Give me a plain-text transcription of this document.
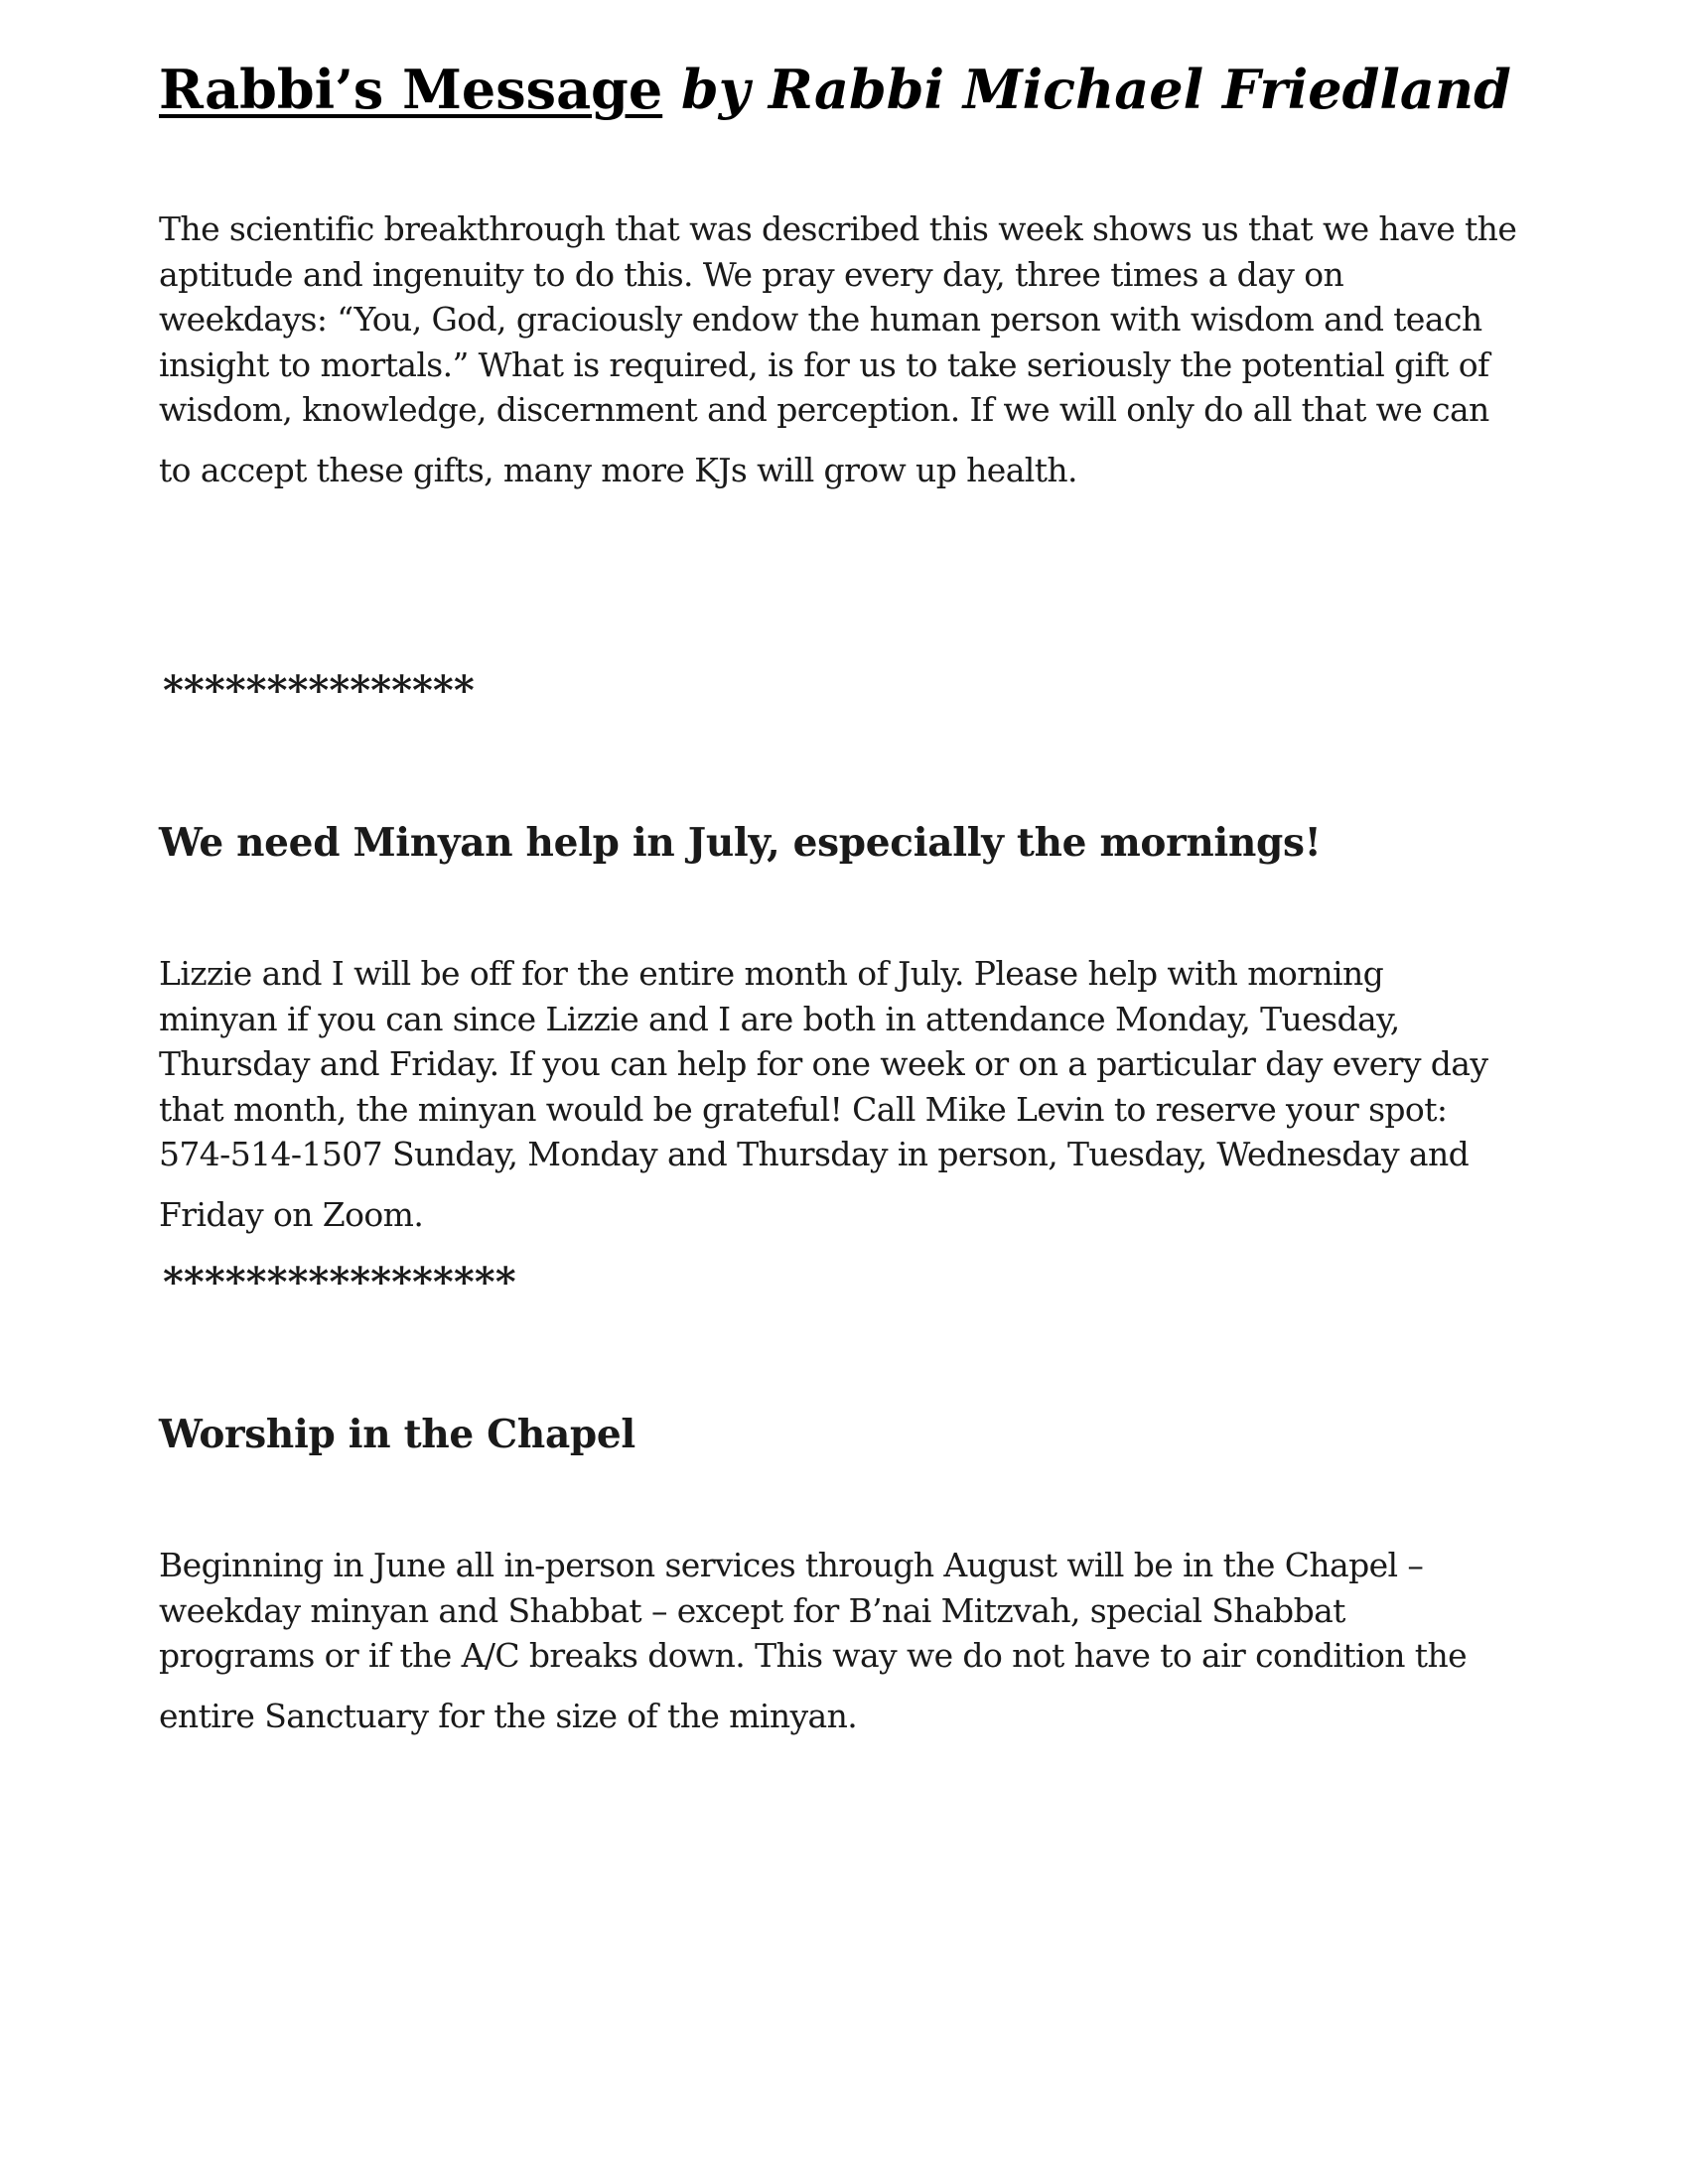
Rabbi’s Message by Rabbi Michael Friedland
The scientific breakthrough that was described this week shows us that we have the
aptitude and ingenuity to do this. We pray every day, three times a day on
weekdays: “You, God, graciously endow the human person with wisdom and teach
insight to mortals.” What is required, is for us to take seriously the potential gift of
wisdom, knowledge, discernment and perception. If we will only do all that we can
to accept these gifts, many more KJs will grow up health.
***************
We need Minyan help in July, especially the mornings!
Lizzie and I will be off for the entire month of July. Please help with morning
minyan if you can since Lizzie and I are both in attendance Monday, Tuesday,
Thursday and Friday. If you can help for one week or on a particular day every day
that month, the minyan would be grateful! Call Mike Levin to reserve your spot:
574-514-1507 Sunday, Monday and Thursday in person, Tuesday, Wednesday and
Friday on Zoom.
*****************
Worship in the Chapel
Beginning in June all in-person services through August will be in the Chapel –
weekday minyan and Shabbat – except for B’nai Mitzvah, special Shabbat
programs or if the A/C breaks down. This way we do not have to air condition the
entire Sanctuary for the size of the minyan.
